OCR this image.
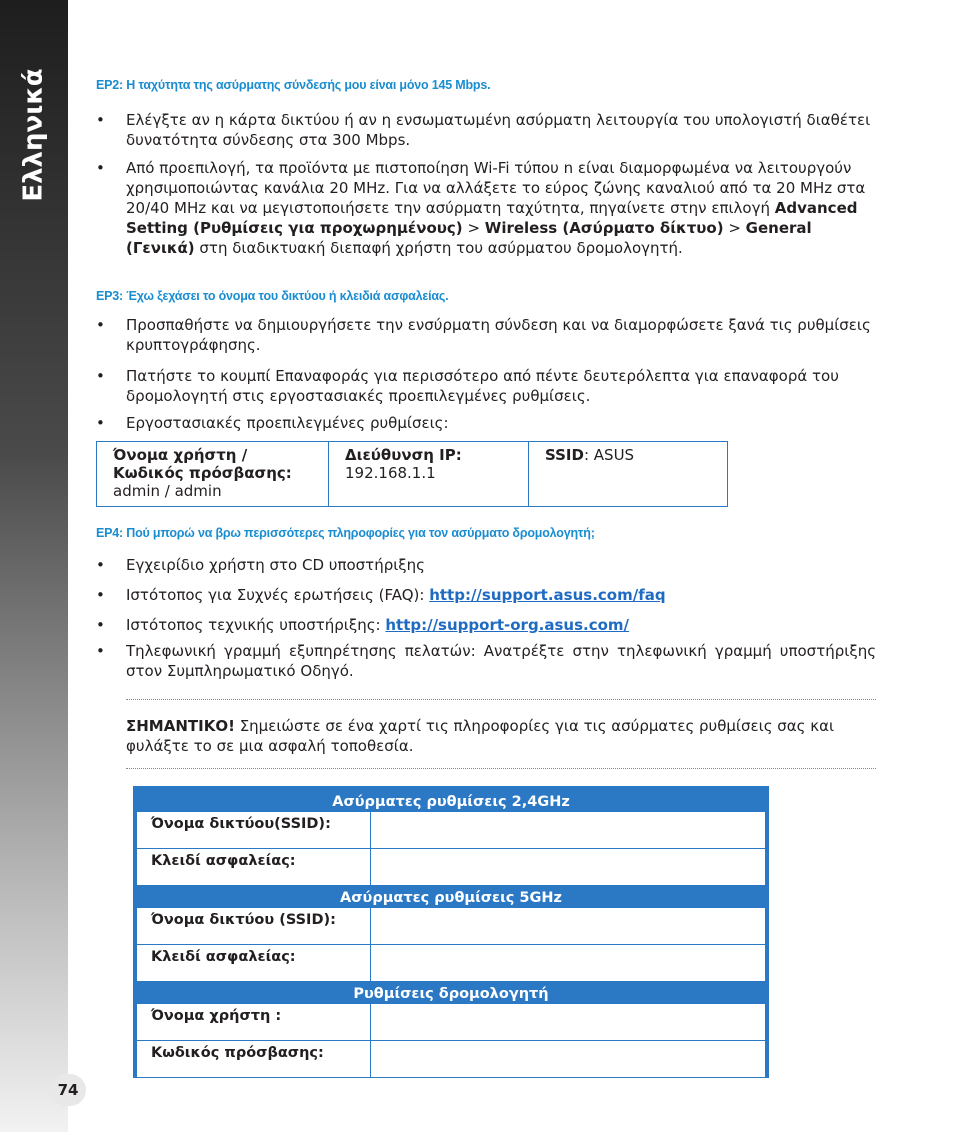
Ελληνικά
74
EP2: Η ταχύτητα της ασύρματης σύνδεσής μου είναι μόνο 145 Mbps.
• Ελέγξτε αν η κάρτα δικτύου ή αν η ενσωματωμένη ασύρματη λειτουργία του υπολογιστή διαθέτει δυνατότητα σύνδεσης στα 300 Mbps.
• Από προεπιλογή, τα προϊόντα με πιστοποίηση Wi-Fi τύπου n είναι διαμορφωμένα να λειτουργούν χρησιμοποιώντας κανάλια 20 MHz. Για να αλλάξετε το εύρος ζώνης καναλιού από τα 20 MHz στα 20/40 MHz και να μεγιστοποιήσετε την ασύρματη ταχύτητα, πηγαίνετε στην επιλογή Advanced Setting (Ρυθμίσεις για προχωρημένους) > Wireless (Ασύρματο δίκτυο) > General (Γενικά) στη διαδικτυακή διεπαφή χρήστη του ασύρματου δρομολογητή.
EP3: Έχω ξεχάσει το όνομα του δικτύου ή κλειδιά ασφαλείας.
• Προσπαθήστε να δημιουργήσετε την ενσύρματη σύνδεση και να διαμορφώσετε ξανά τις ρυθμίσεις κρυπτογράφησης.
• Πατήστε το κουμπί Επαναφοράς για περισσότερο από πέντε δευτερόλεπτα για επαναφορά του δρομολογητή στις εργοστασιακές προεπιλεγμένες ρυθμίσεις.
• Εργοστασιακές προεπιλεγμένες ρυθμίσεις:
Όνομα χρήστη / Κωδικός πρόσβασης:
admin / admin
Διεύθυνση IP:
192.168.1.1
SSID: ASUS
EP4: Πού μπορώ να βρω περισσότερες πληροφορίες για τον ασύρματο δρομολογητή;
• Εγχειρίδιο χρήστη στο CD υποστήριξης
• Ιστότοπος για Συχνές ερωτήσεις (FAQ): http://support.asus.com/faq
• Ιστότοπος τεχνικής υποστήριξης: http://support-org.asus.com/
• Τηλεφωνική γραμμή εξυπηρέτησης πελατών: Ανατρέξτε στην τηλεφωνική γραμμή υποστήριξης στον Συμπληρωματικό Οδηγό.
ΣΗΜΑΝΤΙΚΟ! Σημειώστε σε ένα χαρτί τις πληροφορίες για τις ασύρματες ρυθμίσεις σας και φυλάξτε το σε μια ασφαλή τοποθεσία.
Ασύρματες ρυθμίσεις 2,4GHz
Όνομα δικτύου(SSID):
Κλειδί ασφαλείας:
Ασύρματες ρυθμίσεις 5GHz
Όνομα δικτύου (SSID):
Κλειδί ασφαλείας:
Ρυθμίσεις δρομολογητή
Όνομα χρήστη :
Κωδικός πρόσβασης:
